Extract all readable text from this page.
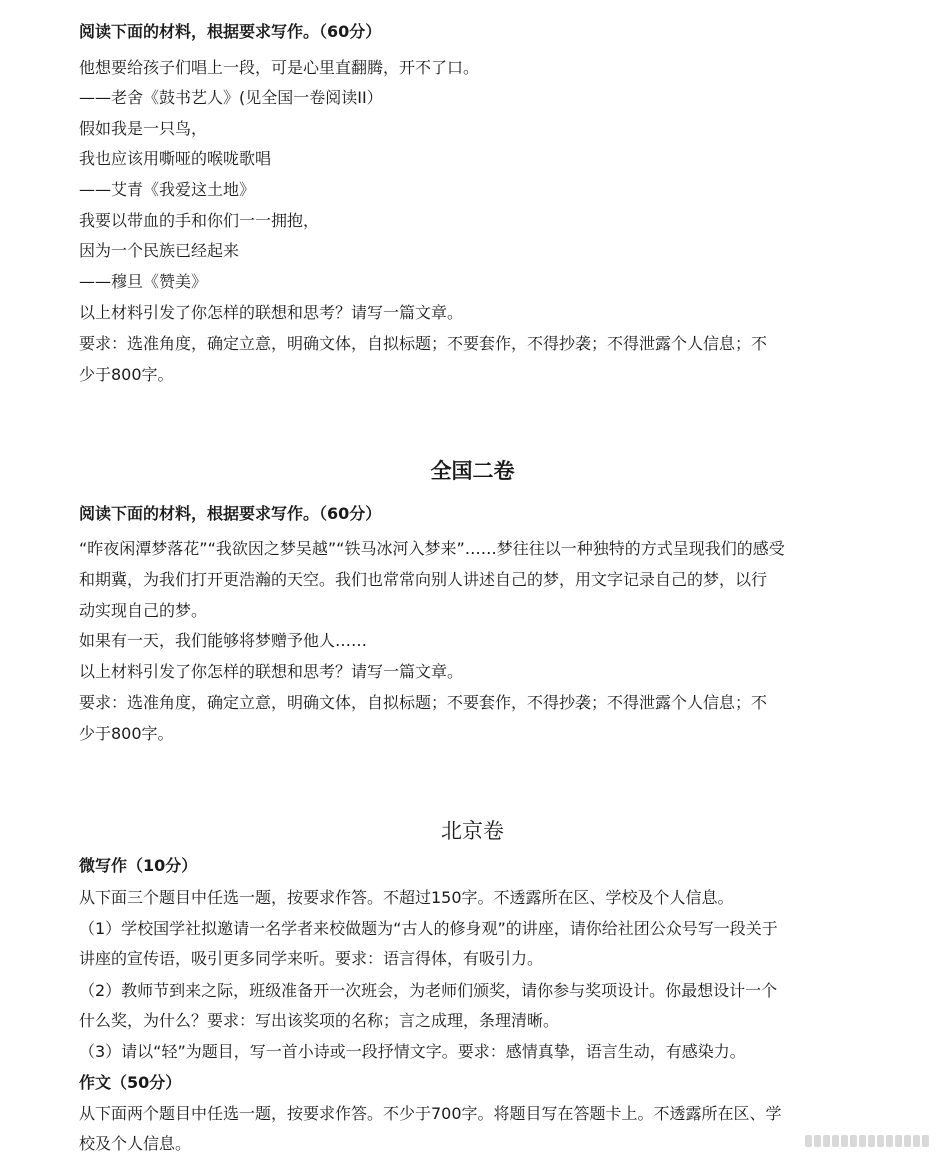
阅读下面的材料，根据要求写作。（60分）
他想要给孩子们唱上一段，可是心里直翻腾，开不了口。
——老舍《鼓书艺人》(见全国一卷阅读II）
假如我是一只鸟，
我也应该用嘶哑的喉咙歌唱
——艾青《我爱这土地》
我要以带血的手和你们一一拥抱，
因为一个民族已经起来
——穆旦《赞美》
以上材料引发了你怎样的联想和思考？请写一篇文章。
要求：选准角度，确定立意，明确文体，自拟标题；不要套作，不得抄袭；不得泄露个人信息；不
少于800字。
全国二卷
阅读下面的材料，根据要求写作。（60分）
“昨夜闲潭梦落花”“我欲因之梦吴越”“铁马冰河入梦来”……梦往往以一种独特的方式呈现我们的感受
和期冀，为我们打开更浩瀚的天空。我们也常常向别人讲述自己的梦，用文字记录自己的梦，以行
动实现自己的梦。
如果有一天，我们能够将梦赠予他人……
以上材料引发了你怎样的联想和思考？请写一篇文章。
要求：选准角度，确定立意，明确文体，自拟标题；不要套作，不得抄袭；不得泄露个人信息；不
少于800字。
北京卷
微写作（10分）
从下面三个题目中任选一题，按要求作答。不超过150字。不透露所在区、学校及个人信息。
（1）学校国学社拟邀请一名学者来校做题为“古人的修身观”的讲座，请你给社团公众号写一段关于
讲座的宣传语，吸引更多同学来听。要求：语言得体，有吸引力。
（2）教师节到来之际，班级准备开一次班会，为老师们颁奖，请你参与奖项设计。你最想设计一个
什么奖，为什么？要求：写出该奖项的名称；言之成理，条理清晰。
（3）请以“轻”为题目，写一首小诗或一段抒情文字。要求：感情真挚，语言生动，有感染力。
作文（50分）
从下面两个题目中任选一题，按要求作答。不少于700字。将题目写在答题卡上。不透露所在区、学
校及个人信息。
